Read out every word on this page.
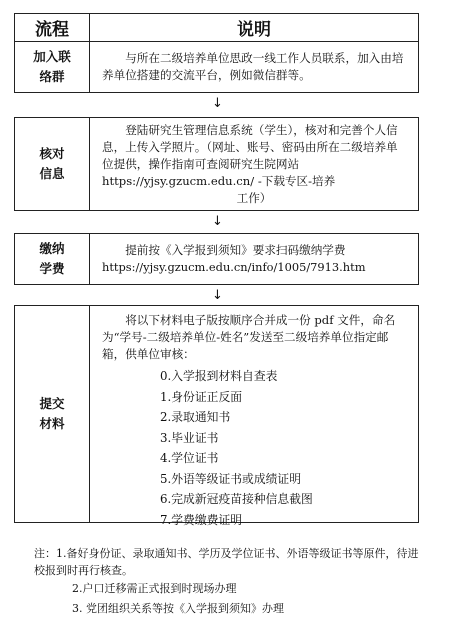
流程	说明
加入联
络群

与所在二级培养单位思政一线工作人员联系，加入由培养单位搭建的交流平台，例如微信群等。

↓
核对
信息

登陆研究生管理信息系统（学生），核对和完善个人信息，上传入学照片。（网址、账号、密码由所在二级培养单位提供，操作指南可查阅研究生院网站 https://yjsy.gzucm.edu.cn/ -下载专区-培养

工作）

↓
缴纳
学费

提前按《入学报到须知》要求扫码缴纳学费

https://yjsy.gzucm.edu.cn/info/1005/7913.htm

↓
提交
材料

将以下材料电子版按顺序合并成一份 pdf 文件，命名为“学号-二级培养单位-姓名”发送至二级培养单位指定邮箱，供单位审核：

0.入学报到材料自查表
1.身份证正反面
2.录取通知书
3.毕业证书
4.学位证书
5.外语等级证书或成绩证明
6.完成新冠疫苗接种信息截图
7.学费缴费证明
注：1.备好身份证、录取通知书、学历及学位证书、外语等级证书等原件，待进校报到时再行核查。
2.户口迁移需正式报到时现场办理
3. 党团组织关系等按《入学报到须知》办理
